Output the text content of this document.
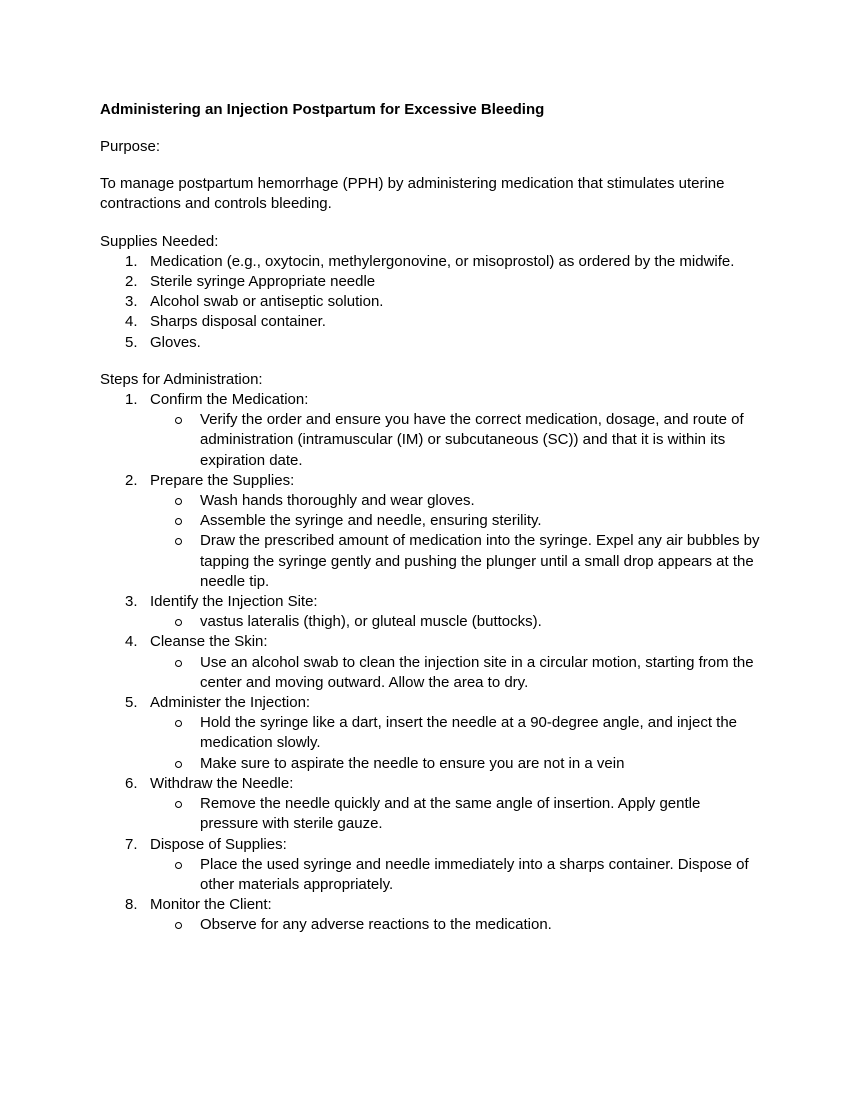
Administering an Injection Postpartum for Excessive Bleeding

Purpose:

To manage postpartum hemorrhage (PPH) by administering medication that stimulates uterine contractions and controls bleeding.

Supplies Needed:

1. Medication (e.g., oxytocin, methylergonovine, or misoprostol) as ordered by the midwife.
2. Sterile syringe Appropriate needle
3. Alcohol swab or antiseptic solution.
4. Sharps disposal container.
5. Gloves.

Steps for Administration:

1. Confirm the Medication:
Verify the order and ensure you have the correct medication, dosage, and route of administration (intramuscular (IM) or subcutaneous (SC)) and that it is within its expiration date.
2. Prepare the Supplies:
Wash hands thoroughly and wear gloves.
Assemble the syringe and needle, ensuring sterility.
Draw the prescribed amount of medication into the syringe. Expel any air bubbles by tapping the syringe gently and pushing the plunger until a small drop appears at the needle tip.
3. Identify the Injection Site:
vastus lateralis (thigh), or gluteal muscle (buttocks).
4. Cleanse the Skin:
Use an alcohol swab to clean the injection site in a circular motion, starting from the center and moving outward. Allow the area to dry.
5. Administer the Injection:
Hold the syringe like a dart, insert the needle at a 90-degree angle, and inject the medication slowly.
Make sure to aspirate the needle to ensure you are not in a vein
6. Withdraw the Needle:
Remove the needle quickly and at the same angle of insertion. Apply gentle pressure with sterile gauze.
7. Dispose of Supplies:
Place the used syringe and needle immediately into a sharps container. Dispose of other materials appropriately.
8. Monitor the Client:
Observe for any adverse reactions to the medication.
